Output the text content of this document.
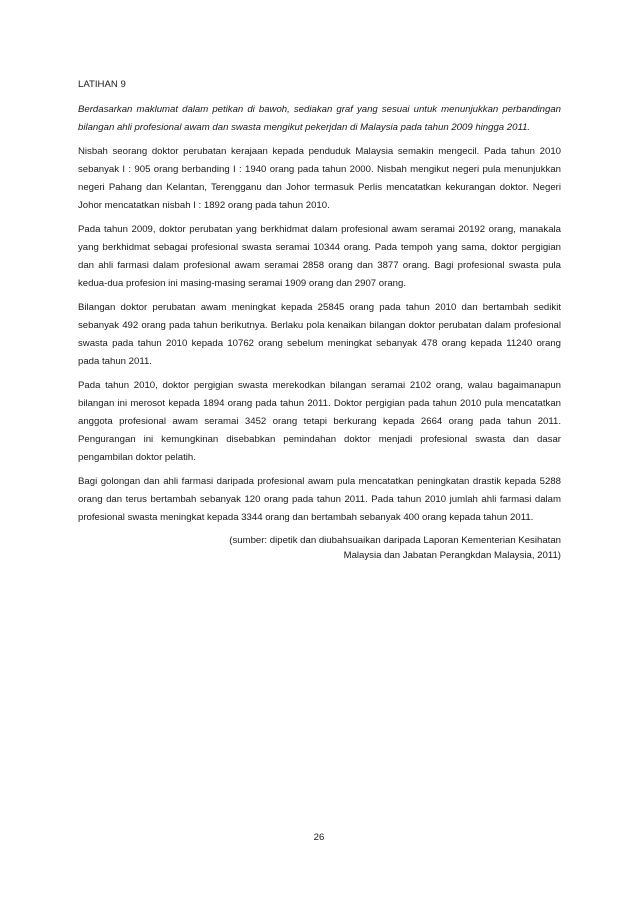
LATIHAN 9

Berdasarkan maklumat dalam petikan di bawoh, sediakan graf yang sesuai untuk menunjukkan perbandingan bilangan ahli profesional awam dan swasta mengikut pekerjdan di Malaysia pada tahun 2009 hingga 2011.

Nisbah seorang doktor perubatan kerajaan kepada penduduk Malaysia semakin mengecil. Pada tahun 2010 sebanyak I : 905 orang berbanding I : 1940 orang pada tahun 2000. Nisbah mengikut negeri pula menunjukkan negeri Pahang dan Kelantan, Terengganu dan Johor termasuk Perlis mencatatkan kekurangan doktor. Negeri Johor mencatatkan nisbah I : 1892 orang pada tahun 2010.

Pada tahun 2009, doktor perubatan yang berkhidmat dalam profesional awam seramai 20192 orang, manakala yang berkhidmat sebagai profesional swasta seramai 10344 orang. Pada tempoh yang sama, doktor pergigian dan ahli farmasi dalam profesional awam seramai 2858 orang dan 3877 orang. Bagi profesional swasta pula kedua-dua profesion ini masing-masing seramai 1909 orang dan 2907 orang.

Bilangan doktor perubatan awam meningkat kepada 25845 orang pada tahun 2010 dan bertambah sedikit sebanyak 492 orang pada tahun berikutnya. Berlaku pola kenaikan bilangan doktor perubatan dalam profesional swasta pada tahun 2010 kepada 10762 orang sebelum meningkat sebanyak 478 orang kepada 11240 orang pada tahun 2011.

Pada tahun 2010, doktor pergigian swasta merekodkan bilangan seramai 2102 orang, walau bagaimanapun bilangan ini merosot kepada 1894 orang pada tahun 2011. Doktor pergigian pada tahun 2010 pula mencatatkan anggota profesional awam seramai 3452 orang tetapi berkurang kepada 2664 orang pada tahun 2011. Pengurangan ini kemungkinan disebabkan pemindahan doktor menjadi profesional swasta dan dasar pengambilan doktor pelatih.

Bagi golongan dan ahli farmasi daripada profesional awam pula mencatatkan peningkatan drastik kepada 5288 orang dan terus bertambah sebanyak 120 orang pada tahun 2011. Pada tahun 2010 jumlah ahli farmasi dalam profesional swasta meningkat kepada 3344 orang dan bertambah sebanyak 400 orang kepada tahun 2011.

(sumber: dipetik dan diubahsuaikan daripada Laporan Kementerian Kesihatan
Malaysia dan Jabatan Perangkdan Malaysia, 2011)

26
